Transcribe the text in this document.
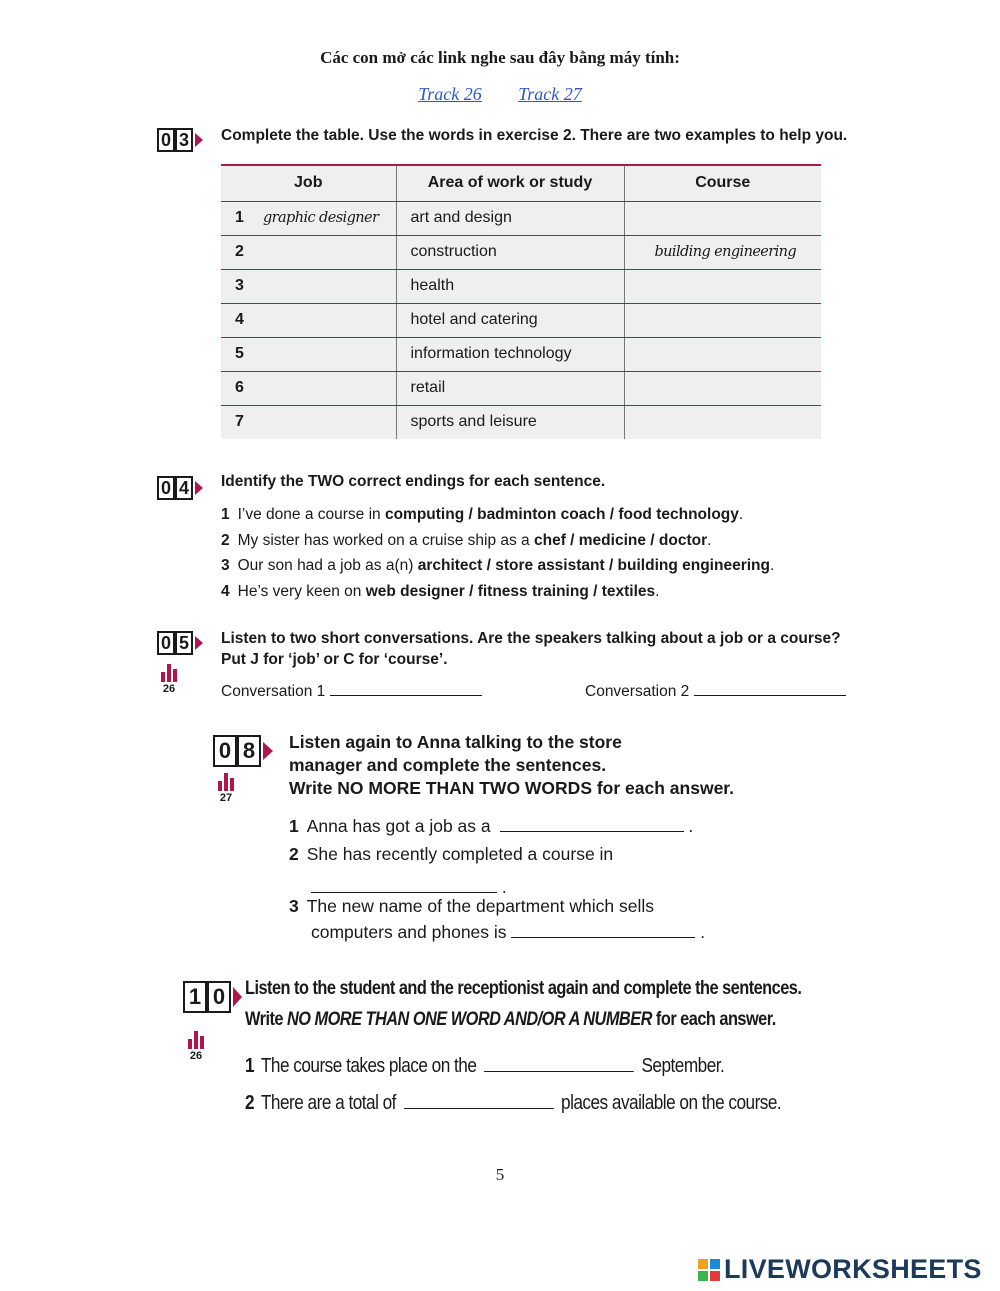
Các con mở các link nghe sau đây bằng máy tính:
Track 26 Track 27
0 3 Complete the table. Use the words in exercise 2. There are two examples to help you.
Job	Area of work or study	Course
1 graphic designer	art and design	
2	construction	building engineering
3	health	
4	hotel and catering	
5	information technology	
6	retail	
7	sports and leisure	
0 4 Identify the TWO correct endings for each sentence.
1 I’ve done a course in computing / badminton coach / food technology.
2 My sister has worked on a cruise ship as a chef / medicine / doctor.
3 Our son had a job as a(n) architect / store assistant / building engineering.
4 He’s very keen on web designer / fitness training / textiles.
0 5
26
Listen to two short conversations. Are the speakers talking about a job or a course?
Put J for ‘job’ or C for ‘course’.
Conversation 1	Conversation 2
0 8
27
Listen again to Anna talking to the store
manager and complete the sentences.
Write NO MORE THAN TWO WORDS for each answer.
1 Anna has got a job as a	.
2 She has recently completed a course in
.
3 The new name of the department which sells
computers and phones is	.
1 0
26
Listen to the student and the receptionist again and complete the sentences.
Write NO MORE THAN ONE WORD AND/OR A NUMBER for each answer.
1 The course takes place on the	September.
2 There are a total of	places available on the course.
5
LIVEWORKSHEETS
